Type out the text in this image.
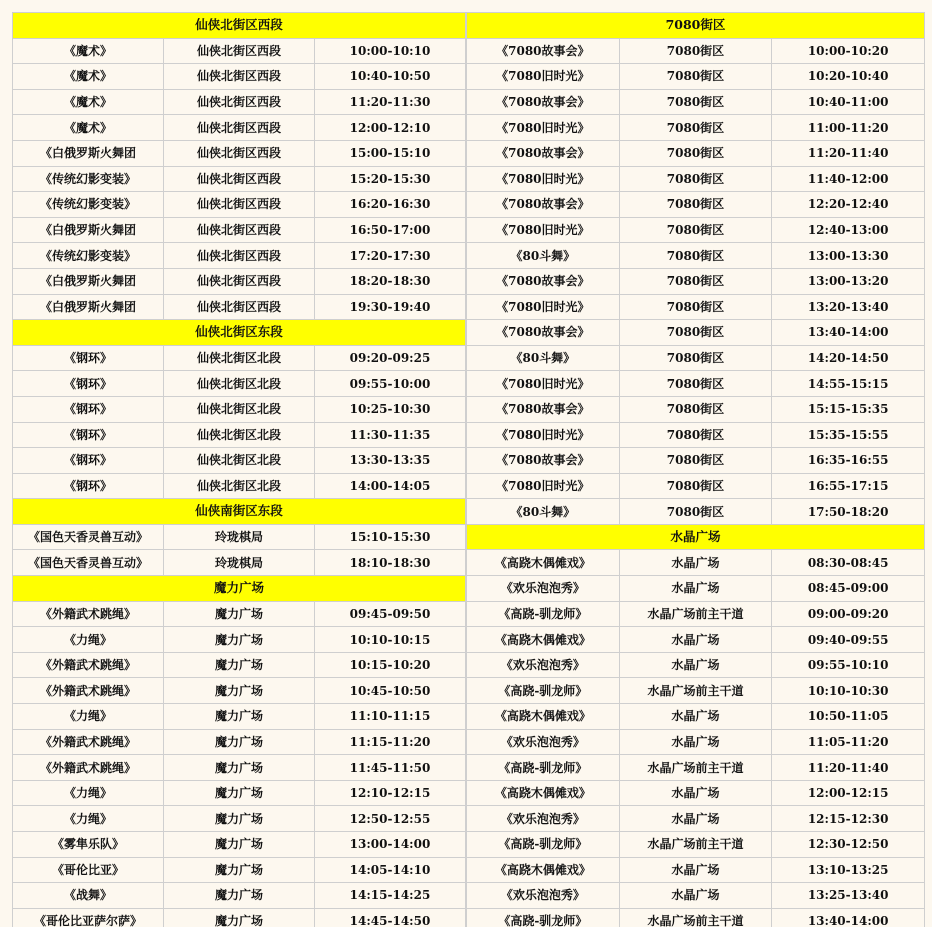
仙侠北街区西段		
《魔术》	仙侠北街区西段	10:00-10:10
《魔术》	仙侠北街区西段	10:40-10:50
《魔术》	仙侠北街区西段	11:20-11:30
《魔术》	仙侠北街区西段	12:00-12:10
《白俄罗斯火舞团	仙侠北街区西段	15:00-15:10
《传统幻影变装》	仙侠北街区西段	15:20-15:30
《传统幻影变装》	仙侠北街区西段	16:20-16:30
《白俄罗斯火舞团	仙侠北街区西段	16:50-17:00
《传统幻影变装》	仙侠北街区西段	17:20-17:30
《白俄罗斯火舞团	仙侠北街区西段	18:20-18:30
《白俄罗斯火舞团	仙侠北街区西段	19:30-19:40
仙侠北街区东段		
《钢环》	仙侠北街区北段	09:20-09:25
《钢环》	仙侠北街区北段	09:55-10:00
《钢环》	仙侠北街区北段	10:25-10:30
《钢环》	仙侠北街区北段	11:30-11:35
《钢环》	仙侠北街区北段	13:30-13:35
《钢环》	仙侠北街区北段	14:00-14:05
仙侠南街区东段		
《国色天香灵兽互动》	玲珑棋局	15:10-15:30
《国色天香灵兽互动》	玲珑棋局	18:10-18:30
魔力广场		
《外籍武术跳绳》	魔力广场	09:45-09:50
《力绳》	魔力广场	10:10-10:15
《外籍武术跳绳》	魔力广场	10:15-10:20
《外籍武术跳绳》	魔力广场	10:45-10:50
《力绳》	魔力广场	11:10-11:15
《外籍武术跳绳》	魔力广场	11:15-11:20
《外籍武术跳绳》	魔力广场	11:45-11:50
《力绳》	魔力广场	12:10-12:15
《力绳》	魔力广场	12:50-12:55
《雾隼乐队》	魔力广场	13:00-14:00
《哥伦比亚》	魔力广场	14:05-14:10
《战舞》	魔力广场	14:15-14:25
《哥伦比亚萨尔萨》	魔力广场	14:45-14:50
7080街区		
《7080故事会》	7080街区	10:00-10:20
《7080旧时光》	7080街区	10:20-10:40
《7080故事会》	7080街区	10:40-11:00
《7080旧时光》	7080街区	11:00-11:20
《7080故事会》	7080街区	11:20-11:40
《7080旧时光》	7080街区	11:40-12:00
《7080故事会》	7080街区	12:20-12:40
《7080旧时光》	7080街区	12:40-13:00
《80斗舞》	7080街区	13:00-13:30
《7080故事会》	7080街区	13:00-13:20
《7080旧时光》	7080街区	13:20-13:40
《7080故事会》	7080街区	13:40-14:00
《80斗舞》	7080街区	14:20-14:50
《7080旧时光》	7080街区	14:55-15:15
《7080故事会》	7080街区	15:15-15:35
《7080旧时光》	7080街区	15:35-15:55
《7080故事会》	7080街区	16:35-16:55
《7080旧时光》	7080街区	16:55-17:15
《80斗舞》	7080街区	17:50-18:20
水晶广场		
《高跷木偶傩戏》	水晶广场	08:30-08:45
《欢乐泡泡秀》	水晶广场	08:45-09:00
《高跷-驯龙师》	水晶广场前主干道	09:00-09:20
《高跷木偶傩戏》	水晶广场	09:40-09:55
《欢乐泡泡秀》	水晶广场	09:55-10:10
《高跷-驯龙师》	水晶广场前主干道	10:10-10:30
《高跷木偶傩戏》	水晶广场	10:50-11:05
《欢乐泡泡秀》	水晶广场	11:05-11:20
《高跷-驯龙师》	水晶广场前主干道	11:20-11:40
《高跷木偶傩戏》	水晶广场	12:00-12:15
《欢乐泡泡秀》	水晶广场	12:15-12:30
《高跷-驯龙师》	水晶广场前主干道	12:30-12:50
《高跷木偶傩戏》	水晶广场	13:10-13:25
《欢乐泡泡秀》	水晶广场	13:25-13:40
《高跷-驯龙师》	水晶广场前主干道	13:40-14:00
